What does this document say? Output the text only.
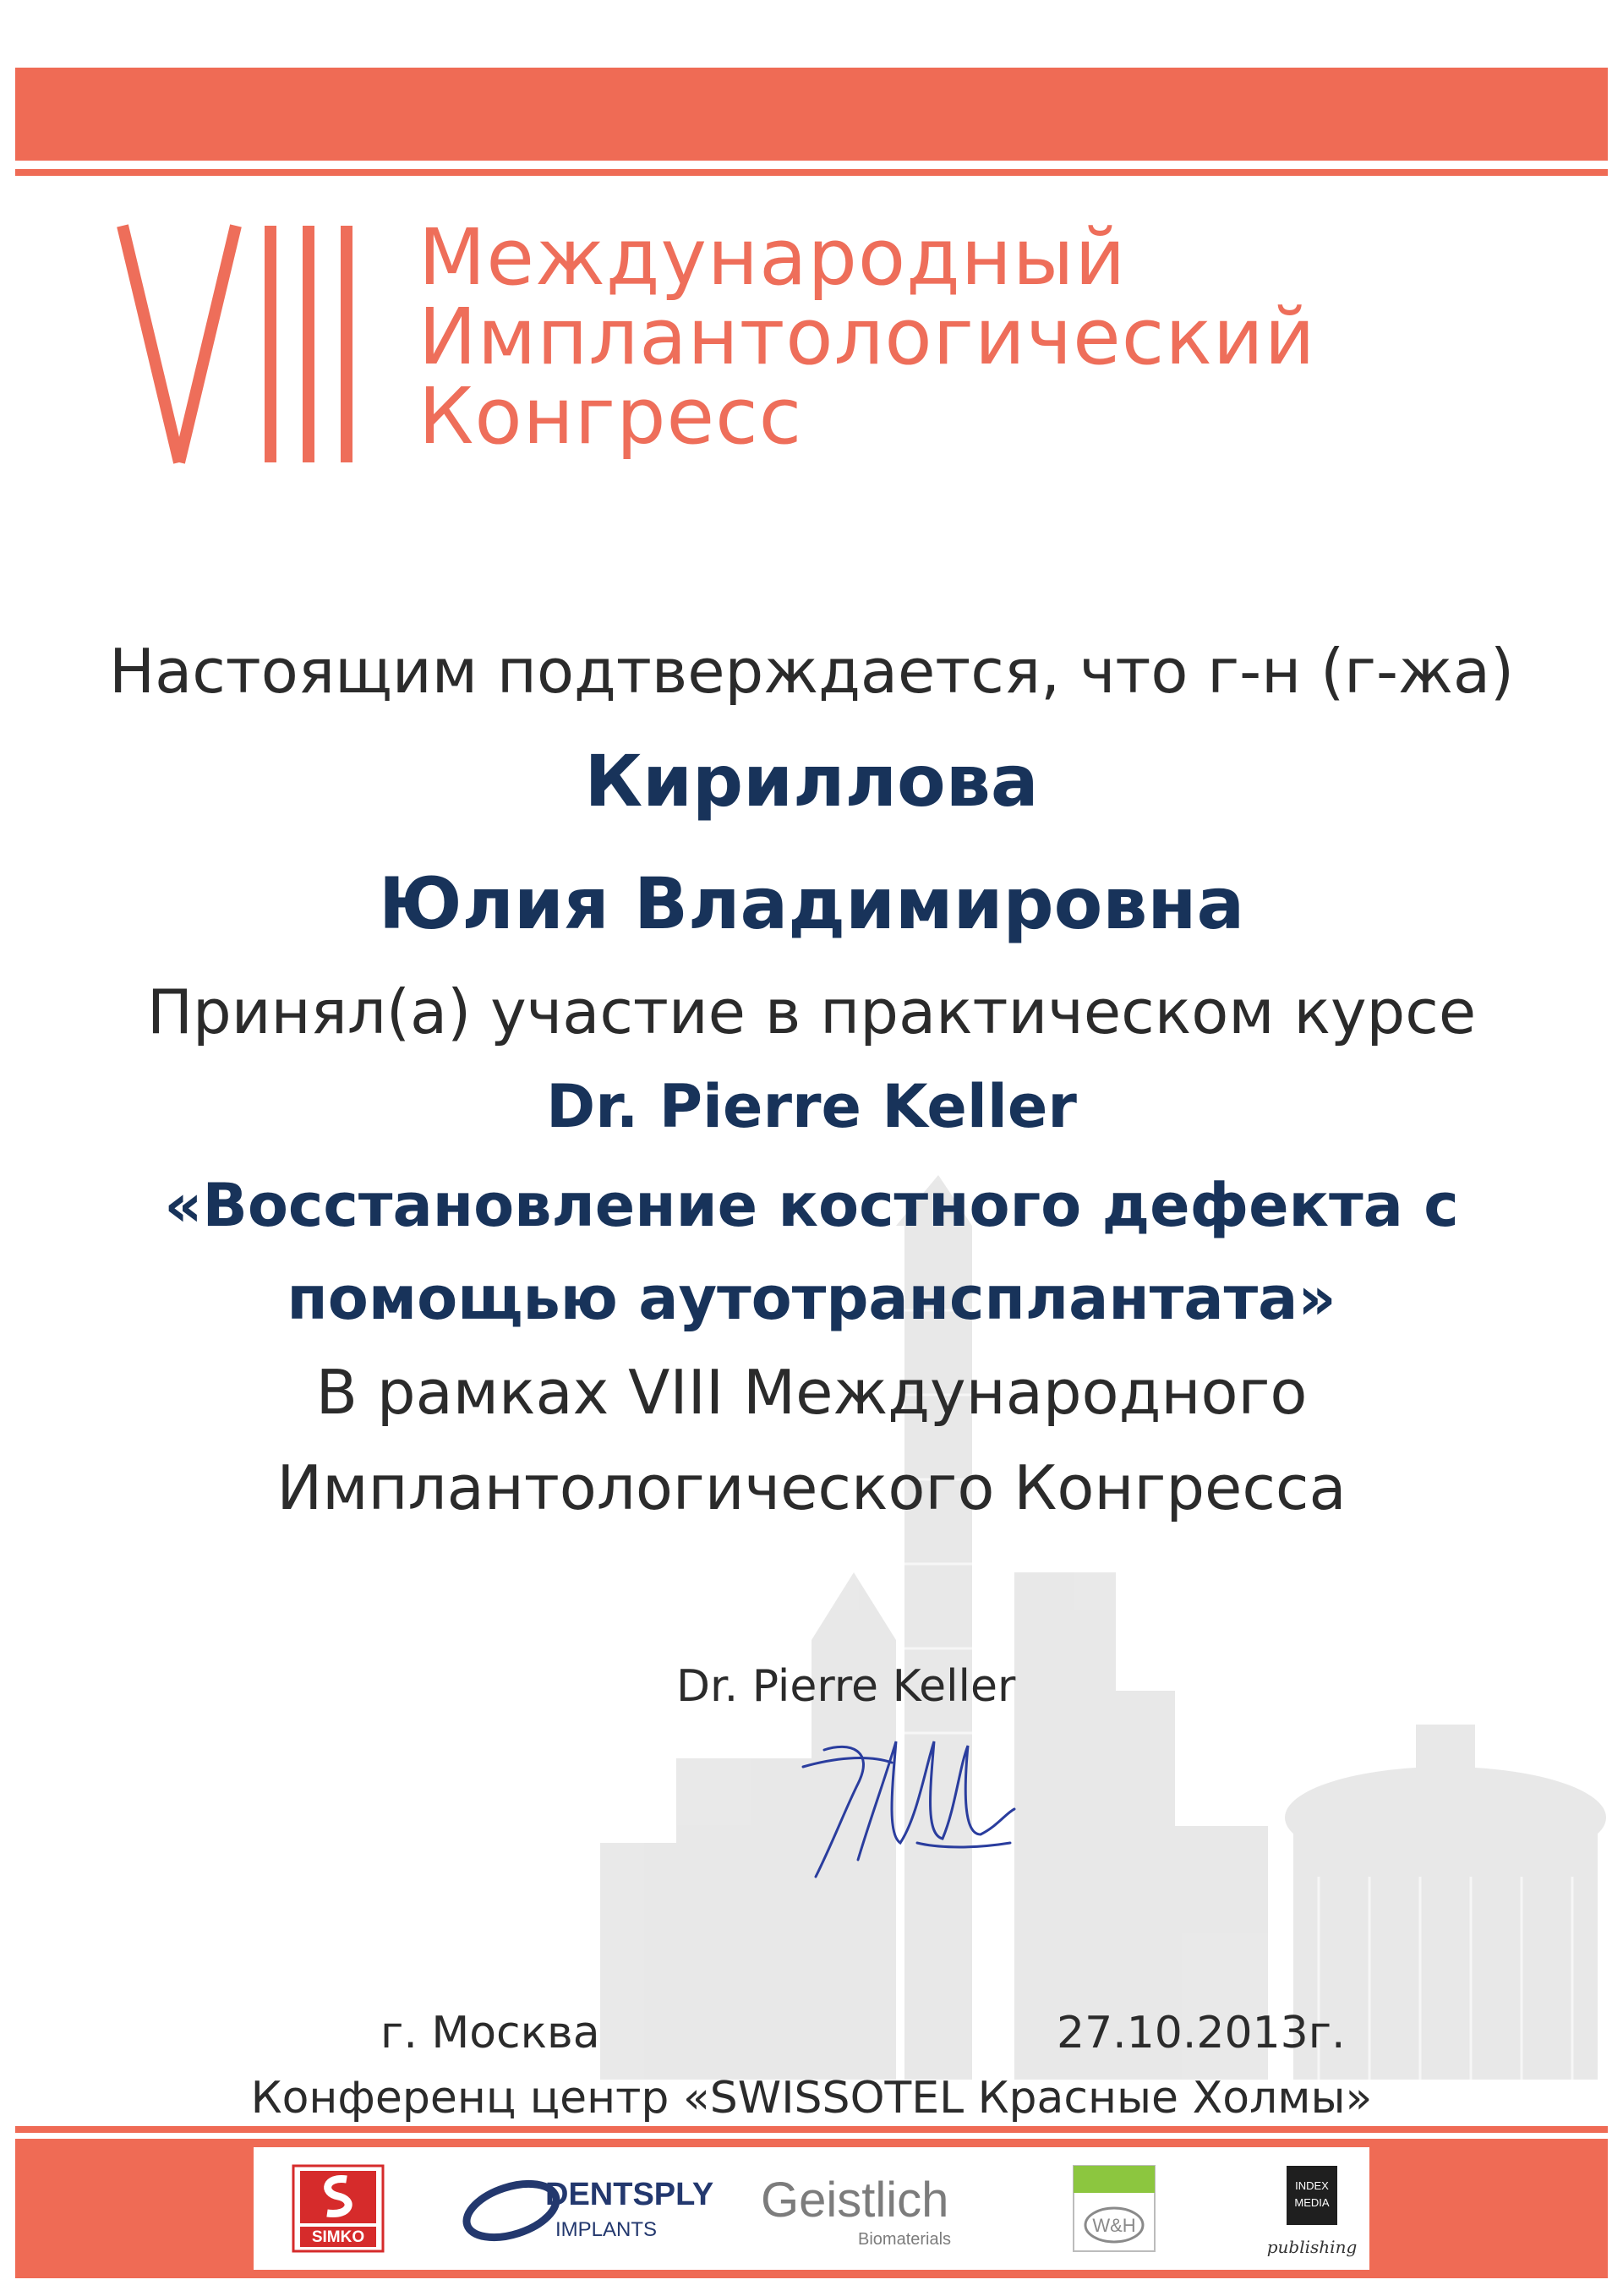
Международный
Имплантологический
Конгресс
Настоящим подтверждается, что г-н (г-жа)
Кириллова
Юлия Владимировна
Принял(а) участие в практическом курсе
Dr. Pierre Keller
«Восстановление костного дефекта с
помощью аутотрансплантата»
В рамках VIII Международного
Имплантологического Конгресса
Dr. Pierre Keller
г. Москва	27.10.2013г.
Конференц центр «SWISSOTEL Красные Холмы»
SIMKO
DENTSPLY
IMPLANTS
Geistlich
Biomaterials
W&H
INDEX
MEDIA
publishing
